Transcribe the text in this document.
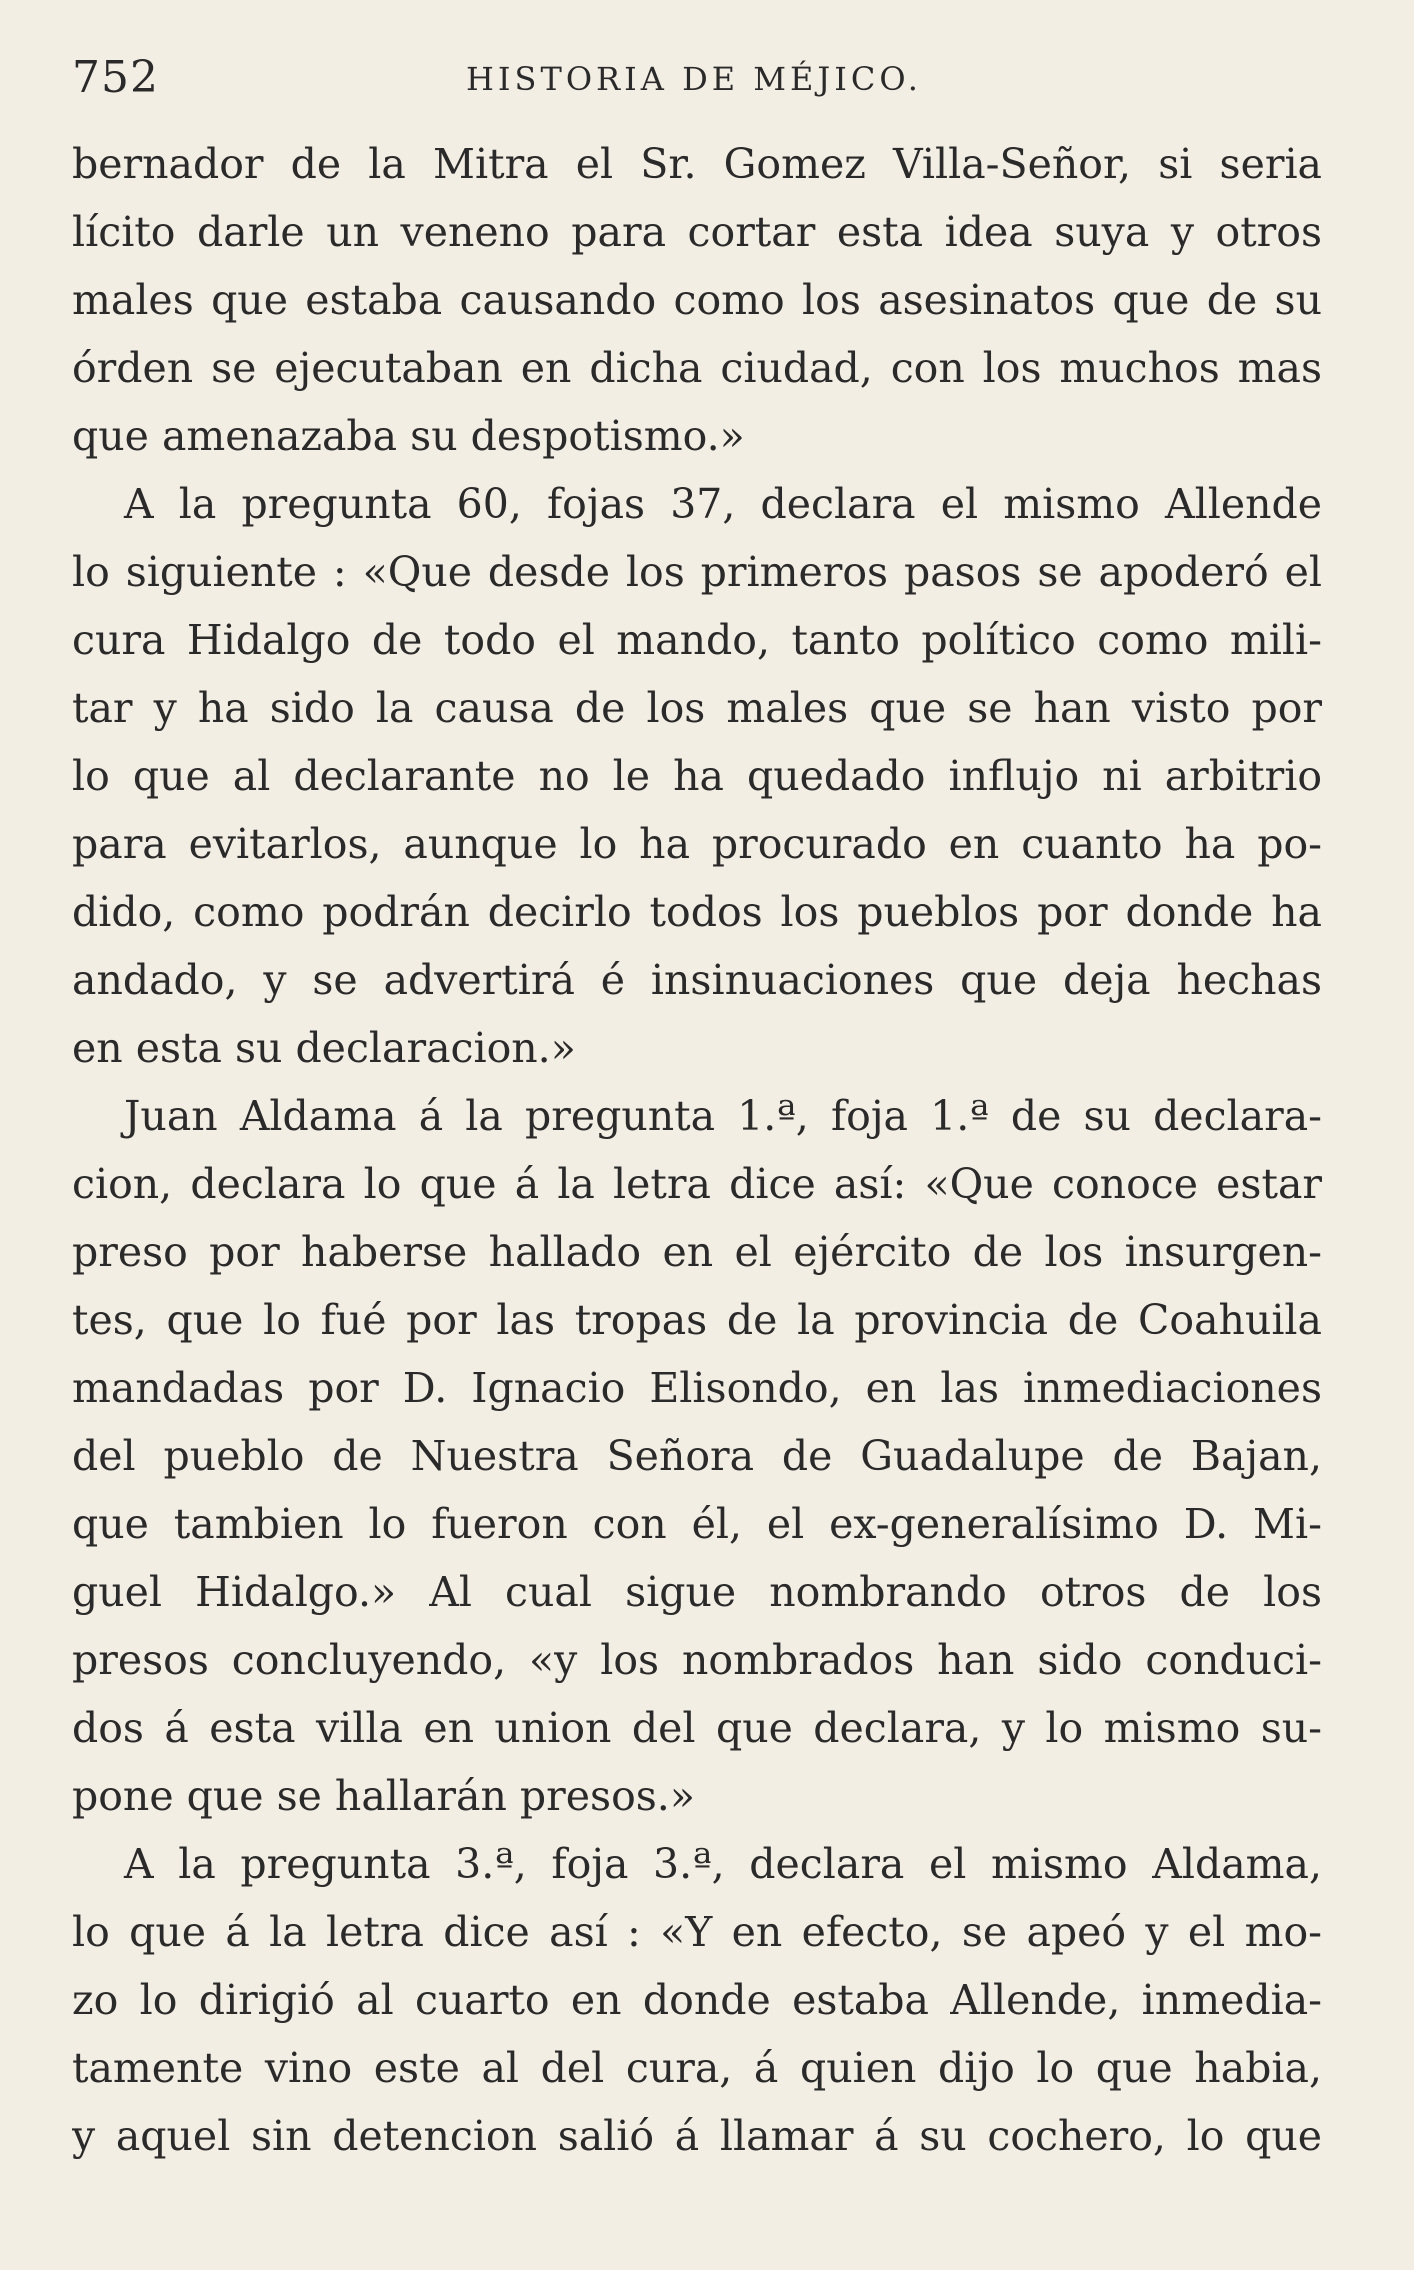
752	HISTORIA DE MÉJICO.
bernador de la Mitra el Sr. Gomez Villa-Señor, si seria
lícito darle un veneno para cortar esta idea suya y otros
males que estaba causando como los asesinatos que de su
órden se ejecutaban en dicha ciudad, con los muchos mas
que amenazaba su despotismo.»
A la pregunta 60, fojas 37, declara el mismo Allende
lo siguiente : «Que desde los primeros pasos se apoderó el
cura Hidalgo de todo el mando, tanto político como mili-
tar y ha sido la causa de los males que se han visto por
lo que al declarante no le ha quedado influjo ni arbitrio
para evitarlos, aunque lo ha procurado en cuanto ha po-
dido, como podrán decirlo todos los pueblos por donde ha
andado, y se advertirá é insinuaciones que deja hechas
en esta su declaracion.»
Juan Aldama á la pregunta 1.ª, foja 1.ª de su declara-
cion, declara lo que á la letra dice así: «Que conoce estar
preso por haberse hallado en el ejército de los insurgen-
tes, que lo fué por las tropas de la provincia de Coahuila
mandadas por D. Ignacio Elisondo, en las inmediaciones
del pueblo de Nuestra Señora de Guadalupe de Bajan,
que tambien lo fueron con él, el ex-generalísimo D. Mi-
guel Hidalgo.» Al cual sigue nombrando otros de los
presos concluyendo, «y los nombrados han sido conduci-
dos á esta villa en union del que declara, y lo mismo su-
pone que se hallarán presos.»
A la pregunta 3.ª, foja 3.ª, declara el mismo Aldama,
lo que á la letra dice así : «Y en efecto, se apeó y el mo-
zo lo dirigió al cuarto en donde estaba Allende, inmedia-
tamente vino este al del cura, á quien dijo lo que habia,
y aquel sin detencion salió á llamar á su cochero, lo que
